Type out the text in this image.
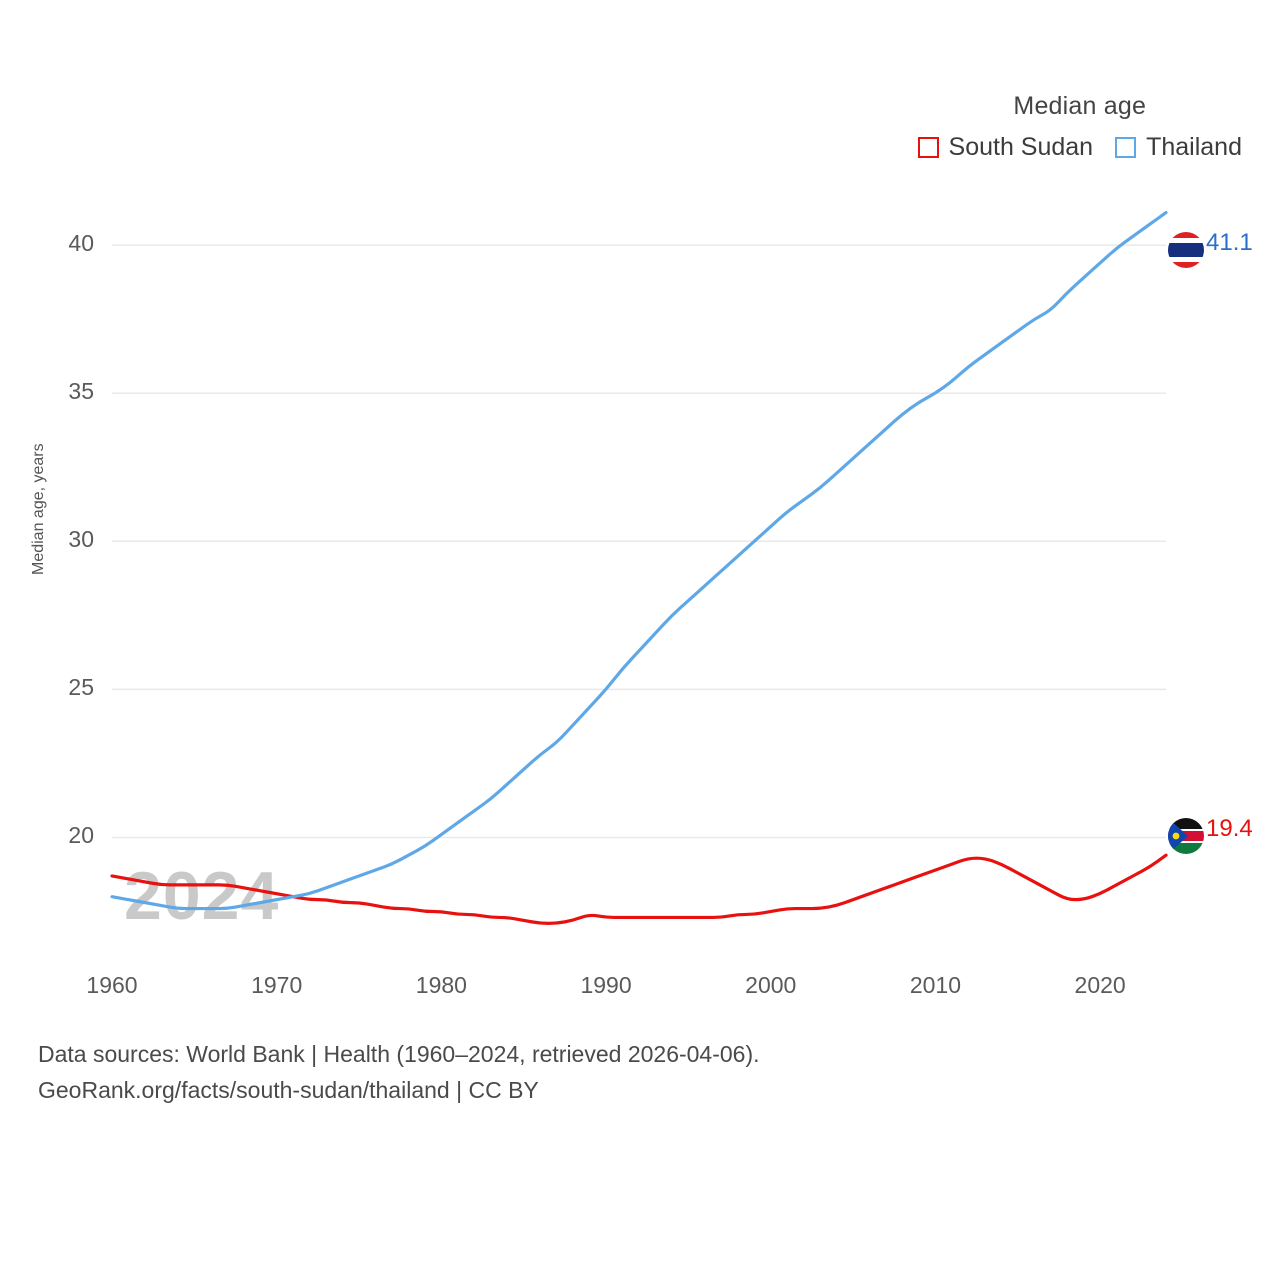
Median age
South Sudan Thailand
Median age, years
2024
20
25
30
35
40
1960	1970	1980	1990	2000	2010	2020
41.1
19.4
Data sources: World Bank | Health (1960–2024, retrieved 2026-04-06).
GeoRank.org/facts/south-sudan/thailand | CC BY
